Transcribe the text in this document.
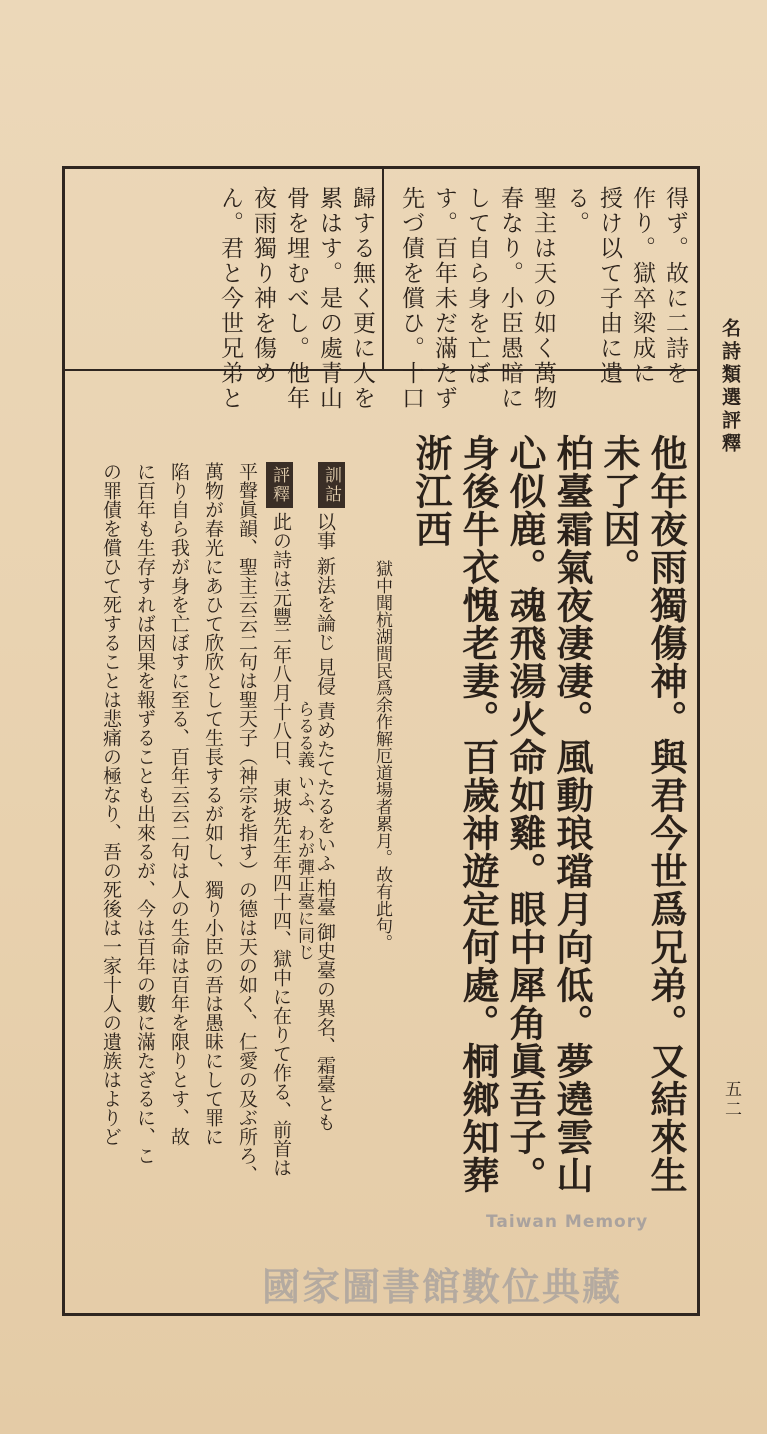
名詩類選評釋
五二
得ず。故に二詩を
作り。獄卒梁成に
授け以て子由に遺
る。
聖主は天の如く萬物
春なり。小臣愚暗に
して自ら身を亡ぼ
す。百年未だ滿たず
先づ債を償ひ。十口
歸する無く更に人を
累はす。是の處青山
骨を埋むべし。他年
夜雨獨り神を傷め
ん。君と今世兄弟と
他年夜雨獨傷神。與君今世爲兄弟。又結來生
未了因。
柏臺霜氣夜凄凄。風動琅璫月向低。夢遶雲山
心似鹿。魂飛湯火命如雞。眼中犀角眞吾子。
身後牛衣愧老妻。百歲神遊定何處。桐鄉知葬
浙江西
獄中聞杭湖間民爲余作解厄道場者累月。故有此句。
訓詁
以事 新法を論じ 見侵 責めたてたるをいふ 柏臺 御史臺の異名、霜臺とも
らるる義 いふ、わが彈正臺に同じ
評釋
此の詩は元豐二年八月十八日、東坡先生年四十四、獄中に在りて作る、前首は
平聲眞韻、聖主云云二句は聖天子（神宗を指す）の德は天の如く、仁愛の及ぶ所ろ、
萬物が春光にあひて欣欣として生長するが如し、獨り小臣の吾は愚昧にして罪に
陷り自ら我が身を亡ぼすに至る、百年云云二句は人の生命は百年を限りとす、故
に百年も生存すれば因果を報ずることも出來るが、今は百年の數に滿たざるに、こ
の罪債を償ひて死することは悲痛の極なり、吾の死後は一家十人の遺族はよりど
Taiwan Memory
國家圖書館數位典藏
